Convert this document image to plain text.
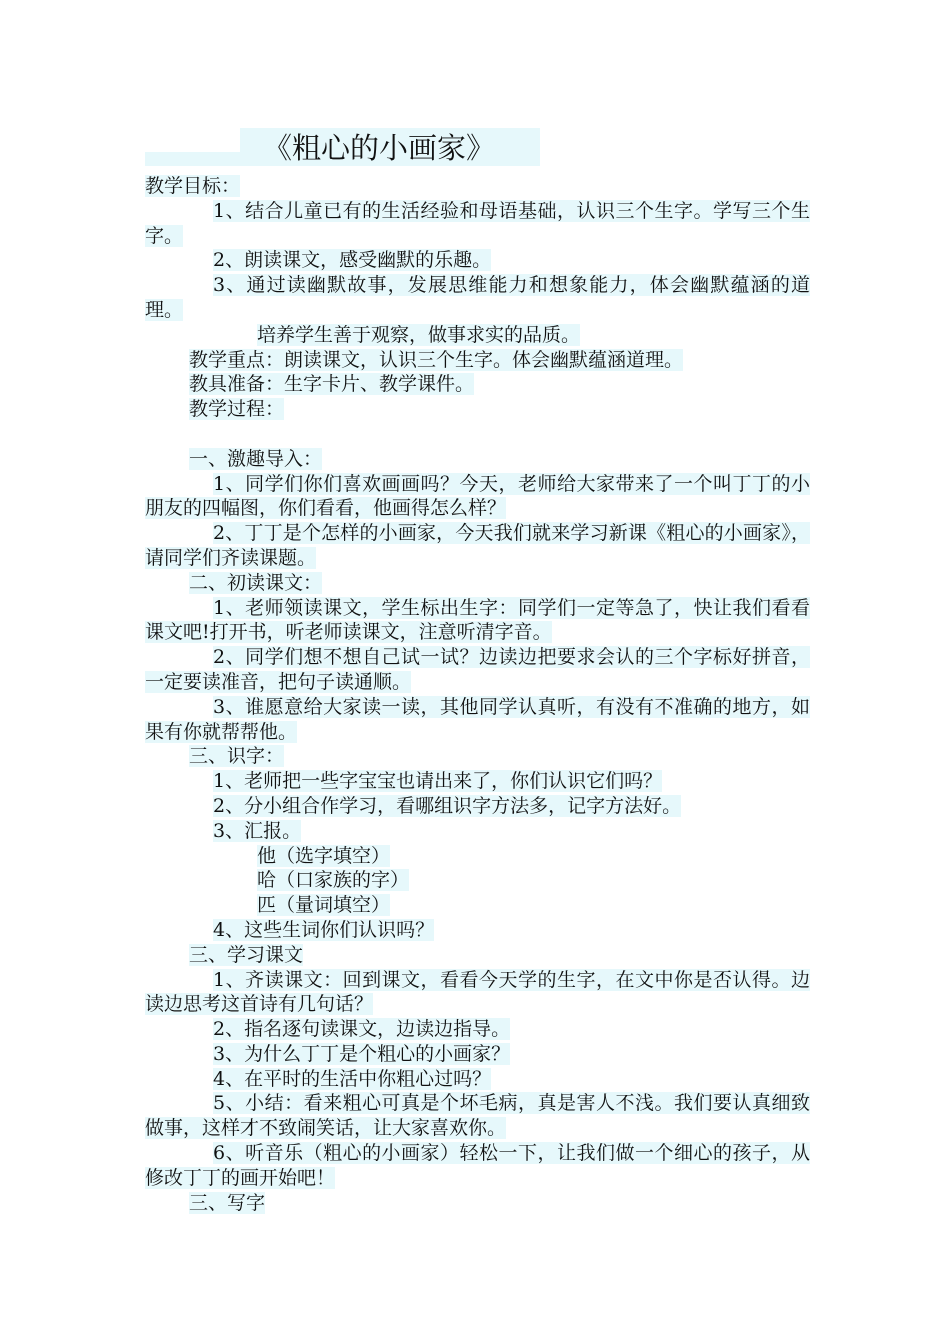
《粗心的小画家》
教学目标：
1、结合儿童已有的生活经验和母语基础，认识三个生字。学写三个生字。
2、朗读课文，感受幽默的乐趣。
3、通过读幽默故事，发展思维能力和想象能力，体会幽默蕴涵的道理。
培养学生善于观察，做事求实的品质。
教学重点：朗读课文，认识三个生字。体会幽默蕴涵道理。
教具准备：生字卡片、教学课件。
教学过程：
一、激趣导入：
1、同学们你们喜欢画画吗？今天，老师给大家带来了一个叫丁丁的小朋友的四幅图，你们看看，他画得怎么样？
2、丁丁是个怎样的小画家，今天我们就来学习新课《粗心的小画家》，请同学们齐读课题。
二、初读课文：
1、老师领读课文，学生标出生字：同学们一定等急了，快让我们看看课文吧!打开书，听老师读课文，注意听清字音。
2、同学们想不想自己试一试？边读边把要求会认的三个字标好拼音，一定要读准音，把句子读通顺。
3、谁愿意给大家读一读，其他同学认真听，有没有不准确的地方，如果有你就帮帮他。
三、识字：
1、老师把一些字宝宝也请出来了，你们认识它们吗？
2、分小组合作学习，看哪组识字方法多，记字方法好。
3、汇报。
他（选字填空）
哈（口家族的字）
匹（量词填空）
4、这些生词你们认识吗？
三、学习课文
1、齐读课文：回到课文，看看今天学的生字，在文中你是否认得。边读边思考这首诗有几句话？
2、指名逐句读课文，边读边指导。
3、为什么丁丁是个粗心的小画家？
4、在平时的生活中你粗心过吗？
5、小结：看来粗心可真是个坏毛病，真是害人不浅。我们要认真细致做事，这样才不致闹笑话，让大家喜欢你。
6、听音乐（粗心的小画家）轻松一下，让我们做一个细心的孩子，从修改丁丁的画开始吧！
三、写字
